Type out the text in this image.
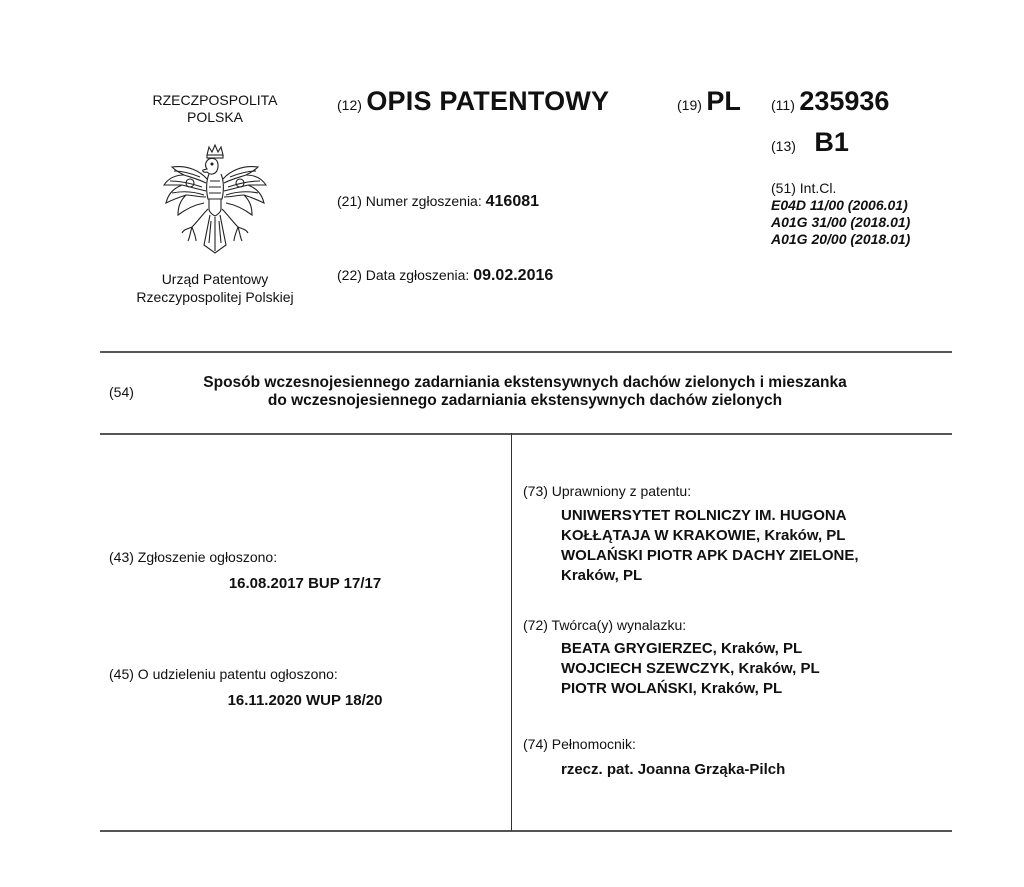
RZECZPOSPOLITA
POLSKA
Urząd Patentowy
Rzeczypospolitej Polskiej
(12) OPIS PATENTOWY	(19) PL (11) 235936
(13) B1
(21) Numer zgłoszenia: 416081
(22) Data zgłoszenia: 09.02.2016
(51) Int.Cl.
E04D 11/00 (2006.01)
A01G 31/00 (2018.01)
A01G 20/00 (2018.01)
(54)
Sposób wczesnojesiennego zadarniania ekstensywnych dachów zielonych i mieszanka
do wczesnojesiennego zadarniania ekstensywnych dachów zielonych
(43) Zgłoszenie ogłoszono:
16.08.2017 BUP 17/17
(45) O udzieleniu patentu ogłoszono:
16.11.2020 WUP 18/20
(73) Uprawniony z patentu:
UNIWERSYTET ROLNICZY IM. HUGONA
KOŁŁĄTAJA W KRAKOWIE, Kraków, PL
WOLAŃSKI PIOTR APK DACHY ZIELONE,
Kraków, PL
(72) Twórca(y) wynalazku:
BEATA GRYGIERZEC, Kraków, PL
WOJCIECH SZEWCZYK, Kraków, PL
PIOTR WOLAŃSKI, Kraków, PL
(74) Pełnomocnik:
rzecz. pat. Joanna Grząka-Pilch
